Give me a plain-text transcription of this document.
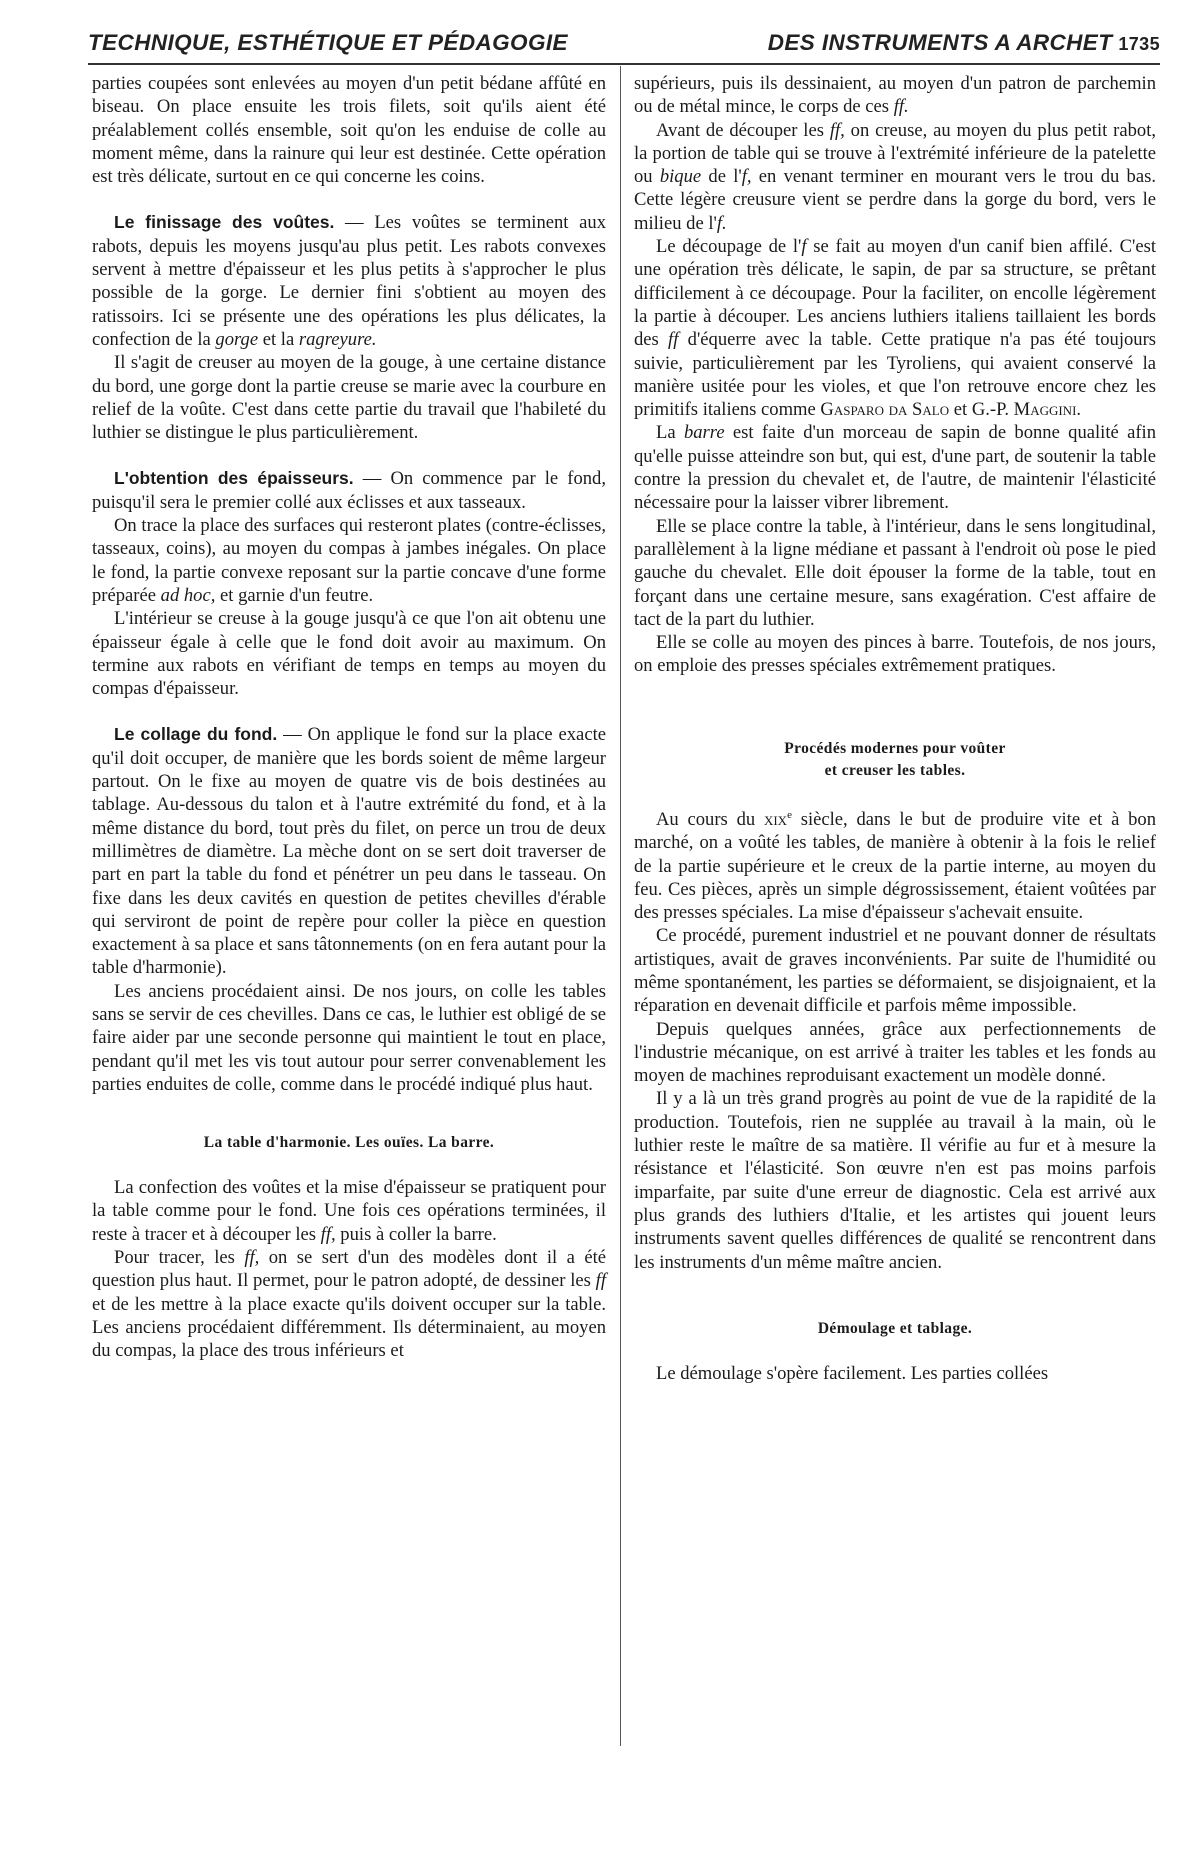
TECHNIQUE, ESTHÉTIQUE ET PÉDAGOGIE	DES INSTRUMENTS A ARCHET 1735

parties coupées sont enlevées au moyen d'un petit bédane affûté en biseau. On place ensuite les trois filets, soit qu'ils aient été préalablement collés ensemble, soit qu'on les enduise de colle au moment même, dans la rainure qui leur est destinée. Cette opération est très délicate, surtout en ce qui concerne les coins.

Le finissage des voûtes. — Les voûtes se terminent aux rabots, depuis les moyens jusqu'au plus petit. Les rabots convexes servent à mettre d'épaisseur et les plus petits à s'approcher le plus possible de la gorge. Le dernier fini s'obtient au moyen des ratissoirs. Ici se présente une des opérations les plus délicates, la confection de la gorge et la ragreyure.

Il s'agit de creuser au moyen de la gouge, à une certaine distance du bord, une gorge dont la partie creuse se marie avec la courbure en relief de la voûte. C'est dans cette partie du travail que l'habileté du luthier se distingue le plus particulièrement.

L'obtention des épaisseurs. — On commence par le fond, puisqu'il sera le premier collé aux éclisses et aux tasseaux.

On trace la place des surfaces qui resteront plates (contre-éclisses, tasseaux, coins), au moyen du compas à jambes inégales. On place le fond, la partie convexe reposant sur la partie concave d'une forme préparée ad hoc, et garnie d'un feutre.

L'intérieur se creuse à la gouge jusqu'à ce que l'on ait obtenu une épaisseur égale à celle que le fond doit avoir au maximum. On termine aux rabots en vérifiant de temps en temps au moyen du compas d'épaisseur.

Le collage du fond. — On applique le fond sur la place exacte qu'il doit occuper, de manière que les bords soient de même largeur partout. On le fixe au moyen de quatre vis de bois destinées au tablage. Au-dessous du talon et à l'autre extrémité du fond, et à la même distance du bord, tout près du filet, on perce un trou de deux millimètres de diamètre. La mèche dont on se sert doit traverser de part en part la table du fond et pénétrer un peu dans le tasseau. On fixe dans les deux cavités en question de petites chevilles d'érable qui serviront de point de repère pour coller la pièce en question exactement à sa place et sans tâtonnements (on en fera autant pour la table d'harmonie).

Les anciens procédaient ainsi. De nos jours, on colle les tables sans se servir de ces chevilles. Dans ce cas, le luthier est obligé de se faire aider par une seconde personne qui maintient le tout en place, pendant qu'il met les vis tout autour pour serrer convenablement les parties enduites de colle, comme dans le procédé indiqué plus haut.

La table d'harmonie. Les ouïes. La barre.

La confection des voûtes et la mise d'épaisseur se pratiquent pour la table comme pour le fond. Une fois ces opérations terminées, il reste à tracer et à découper les ff, puis à coller la barre.

Pour tracer, les ff, on se sert d'un des modèles dont il a été question plus haut. Il permet, pour le patron adopté, de dessiner les ff et de les mettre à la place exacte qu'ils doivent occuper sur la table. Les anciens procédaient différemment. Ils déterminaient, au moyen du compas, la place des trous inférieurs et

supérieurs, puis ils dessinaient, au moyen d'un patron de parchemin ou de métal mince, le corps de ces ff.

Avant de découper les ff, on creuse, au moyen du plus petit rabot, la portion de table qui se trouve à l'extrémité inférieure de la patelette ou bique de l'f, en venant terminer en mourant vers le trou du bas. Cette légère creusure vient se perdre dans la gorge du bord, vers le milieu de l'f.

Le découpage de l'f se fait au moyen d'un canif bien affilé. C'est une opération très délicate, le sapin, de par sa structure, se prêtant difficilement à ce découpage. Pour la faciliter, on encolle légèrement la partie à découper. Les anciens luthiers italiens taillaient les bords des ff d'équerre avec la table. Cette pratique n'a pas été toujours suivie, particulièrement par les Tyroliens, qui avaient conservé la manière usitée pour les violes, et que l'on retrouve encore chez les primitifs italiens comme Gasparo da Salo et G.-P. Maggini.

La barre est faite d'un morceau de sapin de bonne qualité afin qu'elle puisse atteindre son but, qui est, d'une part, de soutenir la table contre la pression du chevalet et, de l'autre, de maintenir l'élasticité nécessaire pour la laisser vibrer librement.

Elle se place contre la table, à l'intérieur, dans le sens longitudinal, parallèlement à la ligne médiane et passant à l'endroit où pose le pied gauche du chevalet. Elle doit épouser la forme de la table, tout en forçant dans une certaine mesure, sans exagération. C'est affaire de tact de la part du luthier.

Elle se colle au moyen des pinces à barre. Toutefois, de nos jours, on emploie des presses spéciales extrêmement pratiques.

Procédés modernes pour voûter
et creuser les tables.

Au cours du xix$^e$ siècle, dans le but de produire vite et à bon marché, on a voûté les tables, de manière à obtenir à la fois le relief de la partie supérieure et le creux de la partie interne, au moyen du feu. Ces pièces, après un simple dégrossissement, étaient voûtées par des presses spéciales. La mise d'épaisseur s'achevait ensuite.

Ce procédé, purement industriel et ne pouvant donner de résultats artistiques, avait de graves inconvénients. Par suite de l'humidité ou même spontanément, les parties se déformaient, se disjoignaient, et la réparation en devenait difficile et parfois même impossible.

Depuis quelques années, grâce aux perfectionnements de l'industrie mécanique, on est arrivé à traiter les tables et les fonds au moyen de machines reproduisant exactement un modèle donné.

Il y a là un très grand progrès au point de vue de la rapidité de la production. Toutefois, rien ne supplée au travail à la main, où le luthier reste le maître de sa matière. Il vérifie au fur et à mesure la résistance et l'élasticité. Son œuvre n'en est pas moins parfois imparfaite, par suite d'une erreur de diagnostic. Cela est arrivé aux plus grands des luthiers d'Italie, et les artistes qui jouent leurs instruments savent quelles différences de qualité se rencontrent dans les instruments d'un même maître ancien.

Démoulage et tablage.

Le démoulage s'opère facilement. Les parties collées
